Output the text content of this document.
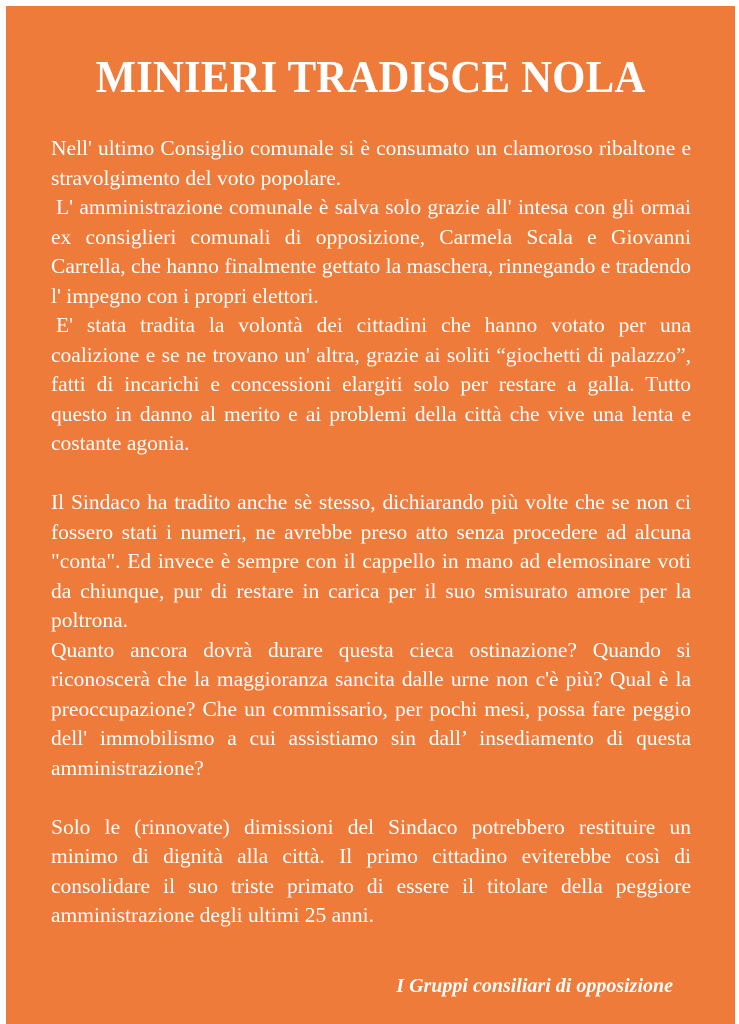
MINIERI TRADISCE NOLA

Nell' ultimo Consiglio comunale si è consumato un clamoroso ribaltone e stravolgimento del voto popolare.

L' amministrazione comunale è salva solo grazie all' intesa con gli ormai ex consiglieri comunali di opposizione, Carmela Scala e Giovanni Carrella, che hanno finalmente gettato la maschera, rinnegando e tradendo l' impegno con i propri elettori.

E' stata tradita la volontà dei cittadini che hanno votato per una coalizione e se ne trovano un' altra, grazie ai soliti “giochetti di palazzo”, fatti di incarichi e concessioni elargiti solo per restare a galla. Tutto questo in danno al merito e ai problemi della città che vive una lenta e costante agonia.

Il Sindaco ha tradito anche sè stesso, dichiarando più volte che se non ci fossero stati i numeri, ne avrebbe preso atto senza procedere ad alcuna "conta". Ed invece è sempre con il cappello in mano ad elemosinare voti da chiunque, pur di restare in carica per il suo smisurato amore per la poltrona.

Quanto ancora dovrà durare questa cieca ostinazione? Quando si riconoscerà che la maggioranza sancita dalle urne non c'è più? Qual è la preoccupazione? Che un commissario, per pochi mesi, possa fare peggio dell' immobilismo a cui assistiamo sin dall’ insediamento di questa amministrazione?

Solo le (rinnovate) dimissioni del Sindaco potrebbero restituire un minimo di dignità alla città. Il primo cittadino eviterebbe così di consolidare il suo triste primato di essere il titolare della peggiore amministrazione degli ultimi 25 anni.

I Gruppi consiliari di opposizione
